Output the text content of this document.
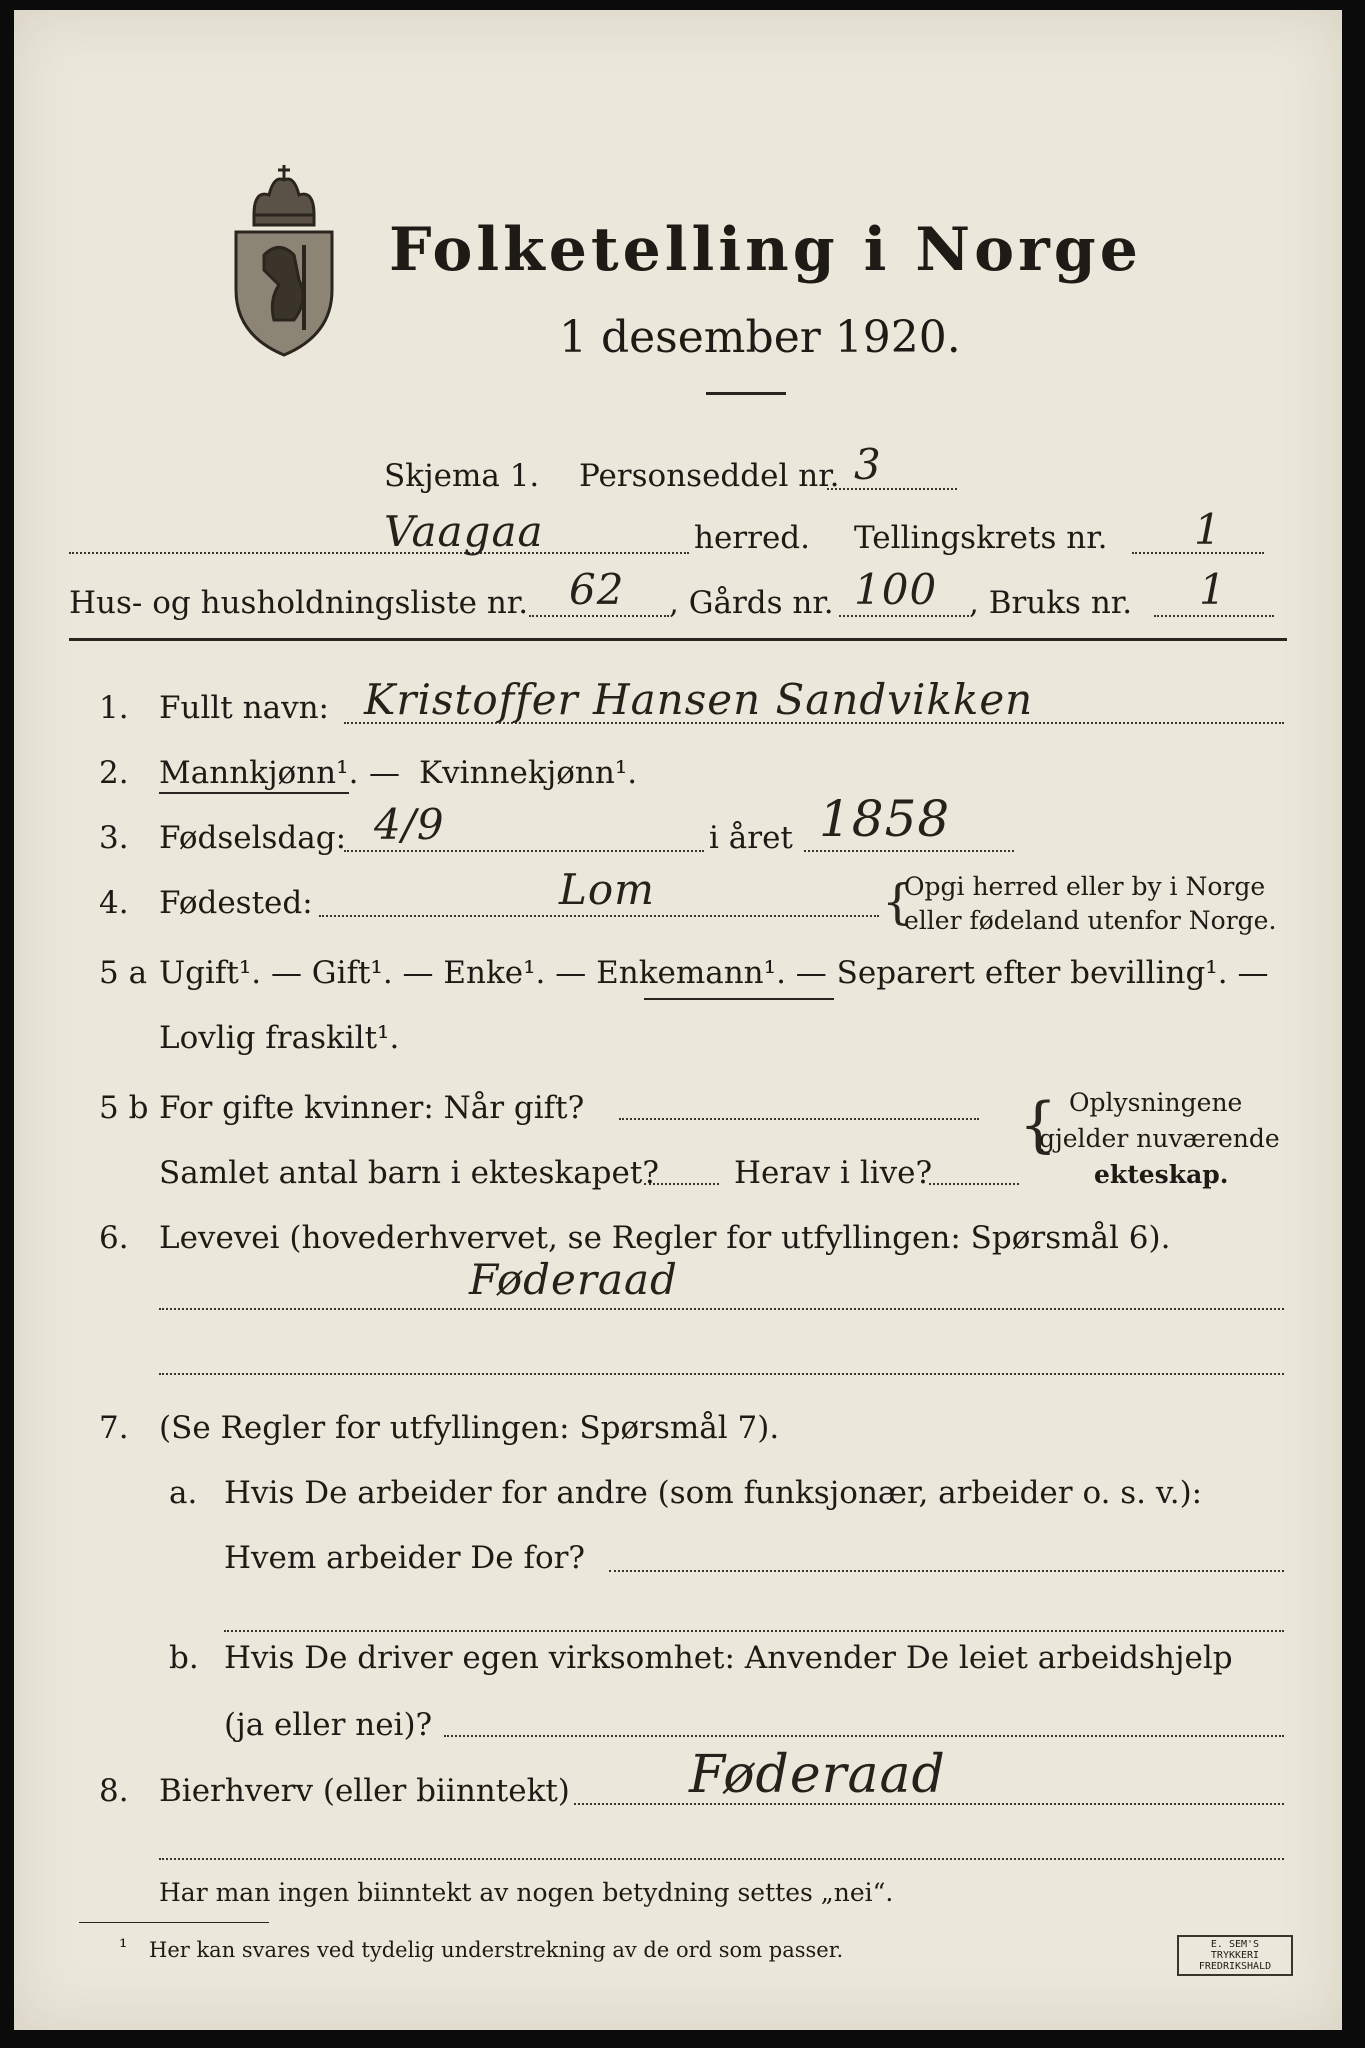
Folketelling i Norge
1 desember 1920.
Skjema 1. Personseddel nr. 3
Vaagaa	herred. Tellingskrets nr. 1
Hus- og husholdningsliste nr. 62 , Gårds nr. 100 , Bruks nr. 1
1. Fullt navn: Kristoffer Hansen Sandvikken
2. Mannkjønn¹. — Kvinnekjønn¹.
3. Fødselsdag: 4/9	i året 1858
4. Fødested:	Lom	{
Opgi herred eller by i Norge
eller fødeland utenfor Norge.
5 a Ugift¹. — Gift¹. — Enke¹. — Enkemann¹. — Separert efter bevilling¹. —
Lovlig fraskilt¹.
5 b For gifte kvinner: Når gift?
Samlet antal barn i ekteskapet? Herav i live?
{ Oplysningene
gjelder nuværende
ekteskap.
6. Levevei (hovederhvervet, se Regler for utfyllingen: Spørsmål 6).
Føderaad
7. (Se Regler for utfyllingen: Spørsmål 7).
a. Hvis De arbeider for andre (som funksjonær, arbeider o. s. v.):
Hvem arbeider De for?
b. Hvis De driver egen virksomhet: Anvender De leiet arbeidshjelp
(ja eller nei)?
8. Bierhverv (eller biinntekt) Føderaad
Har man ingen biinntekt av nogen betydning settes „nei“.
¹ Her kan svares ved tydelig understrekning av de ord som passer.	E. SEM'S TRYKKERI
FREDRIKSHALD
